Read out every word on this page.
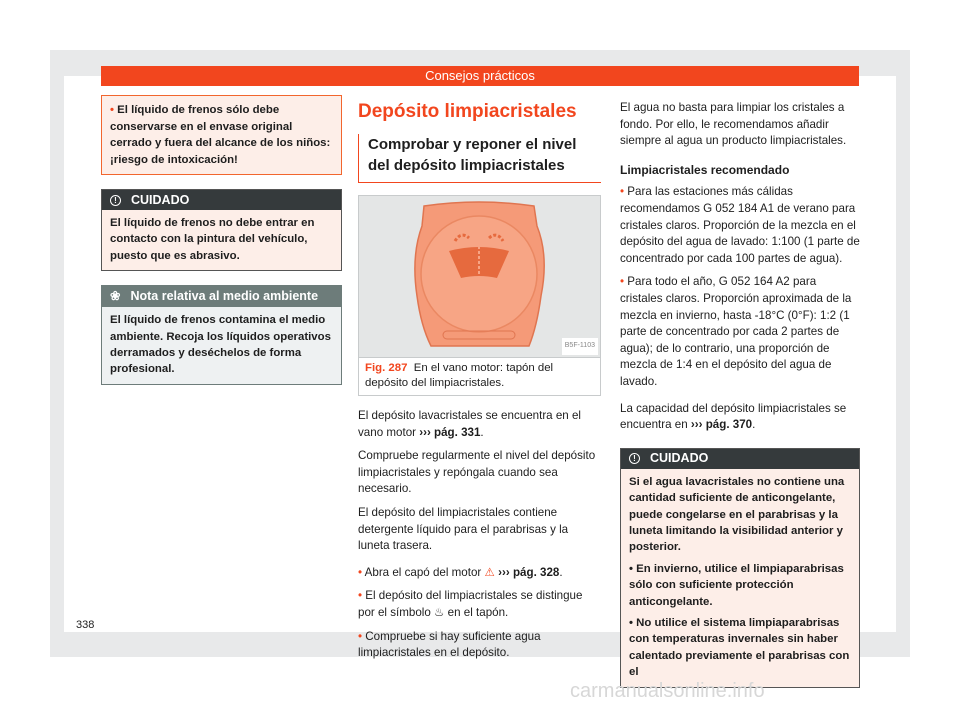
Consejos prácticos
• El líquido de frenos sólo debe conservarse en el envase original cerrado y fuera del alcance de los niños: ¡riesgo de intoxicación!
!	CUIDADO
El líquido de frenos no debe entrar en contacto con la pintura del vehículo, puesto que es abrasivo.
❀ Nota relativa al medio ambiente
El líquido de frenos contamina el medio ambiente. Recoja los líquidos operativos derramados y deséchelos de forma profesional.
Depósito limpiacristales
Comprobar y reponer el nivel del depósito limpiacristales
B5F-1103
Fig. 287 En el vano motor: tapón del depósito del limpiacristales.

El depósito lavacristales se encuentra en el vano motor ››› pág. 331.

Compruebe regularmente el nivel del depósito limpiacristales y repóngala cuando sea necesario.

El depósito del limpiacristales contiene detergente líquido para el parabrisas y la luneta trasera.

• Abra el capó del motor ⚠ ››› pág. 328.

• El depósito del limpiacristales se distingue por el símbolo ♨ en el tapón.

• Compruebe si hay suficiente agua limpiacristales en el depósito.

El agua no basta para limpiar los cristales a fondo. Por ello, le recomendamos añadir siempre al agua un producto limpiacristales.

Limpiacristales recomendado

• Para las estaciones más cálidas recomendamos G 052 184 A1 de verano para cristales claros. Proporción de la mezcla en el depósito del agua de lavado: 1:100 (1 parte de concentrado por cada 100 partes de agua).

• Para todo el año, G 052 164 A2 para cristales claros. Proporción aproximada de la mezcla en invierno, hasta -18°C (0°F): 1:2 (1 parte de concentrado por cada 2 partes de agua); de lo contrario, una proporción de mezcla de 1:4 en el depósito del agua de lavado.

La capacidad del depósito limpiacristales se encuentra en ››› pág. 370.

!	CUIDADO

Si el agua lavacristales no contiene una cantidad suficiente de anticongelante, puede congelarse en el parabrisas y la luneta limitando la visibilidad anterior y posterior.

• En invierno, utilice el limpiaparabrisas sólo con suficiente protección anticongelante.

• No utilice el sistema limpiaparabrisas con temperaturas invernales sin haber calentado previamente el parabrisas con el

338
carmanualsonline.info
